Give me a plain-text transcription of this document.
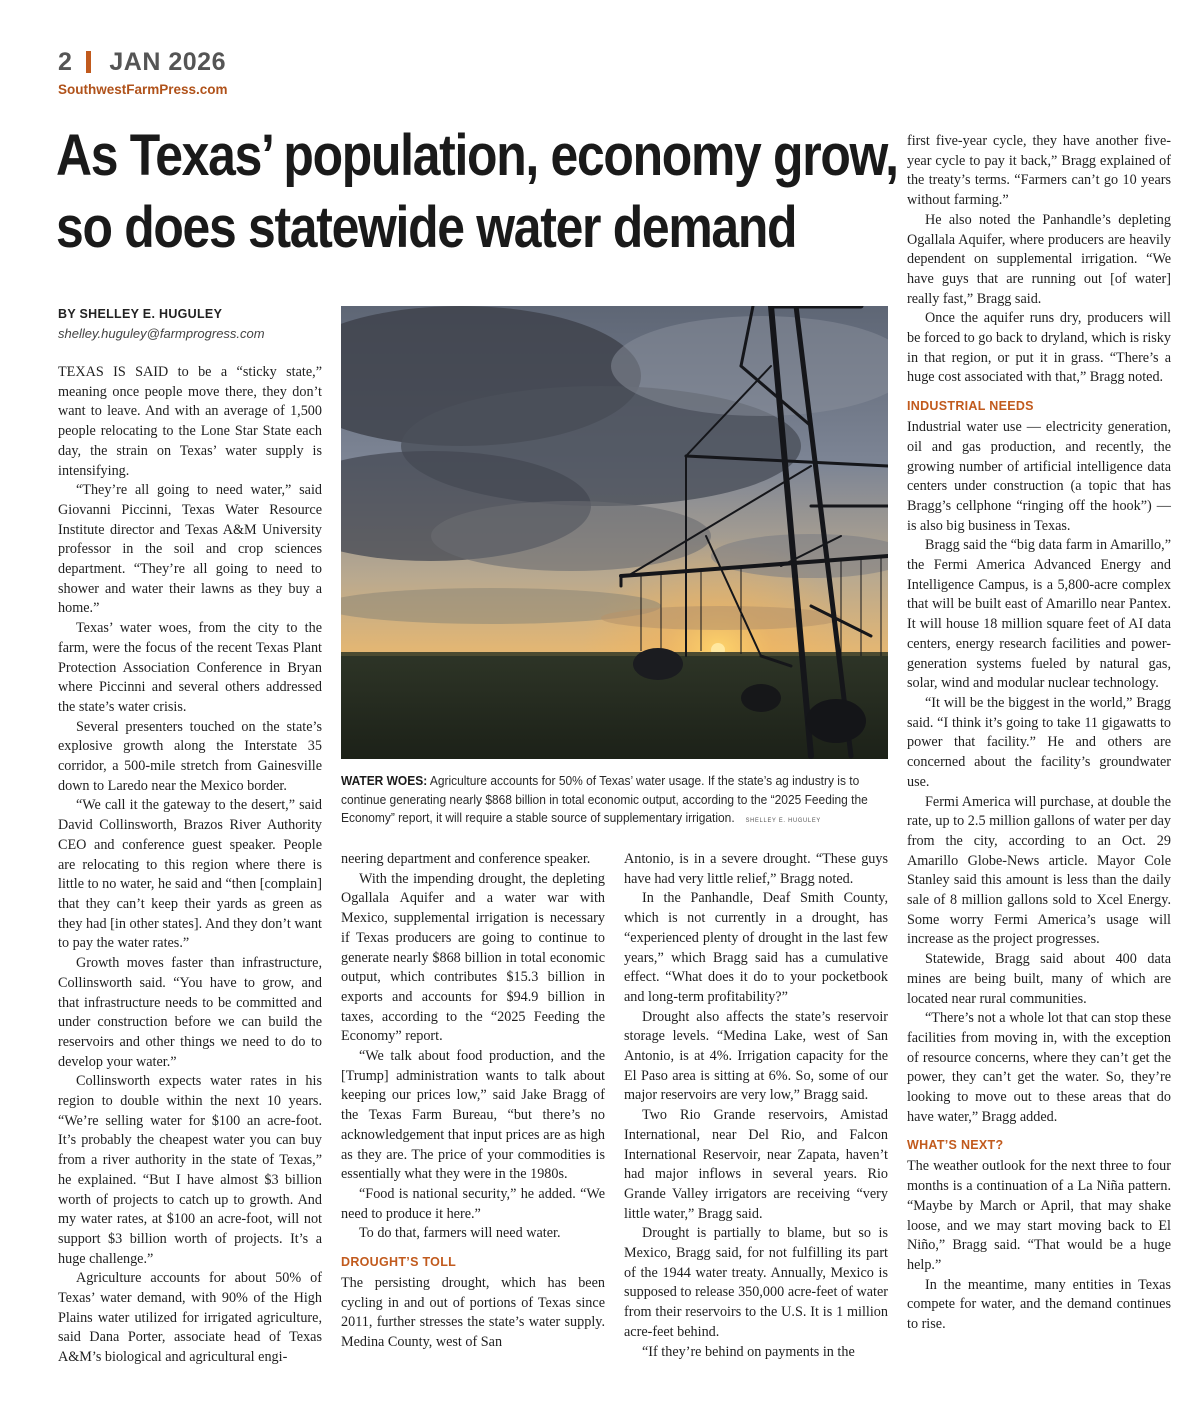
2 JAN 2026
SouthwestFarmPress.com
As Texas’ population, economy grow, so does statewide water demand
BY SHELLEY E. HUGULEY
shelley.huguley@farmprogress.com

TEXAS IS SAID to be a “sticky state,” meaning once people move there, they don’t want to leave. And with an average of 1,500 people relocating to the Lone Star State each day, the strain on Texas’ water supply is intensifying.

“They’re all going to need water,” said Giovanni Piccinni, Texas Water Resource Institute director and Texas A&M University professor in the soil and crop sciences department. “They’re all going to need to shower and water their lawns as they buy a home.”

Texas’ water woes, from the city to the farm, were the focus of the recent Texas Plant Protection Association Conference in Bryan where Piccinni and several others addressed the state’s water crisis.

Several presenters touched on the state’s explosive growth along the Interstate 35 corridor, a 500-mile stretch from Gainesville down to Laredo near the Mexico border.

“We call it the gateway to the desert,” said David Collinsworth, Brazos River Authority CEO and conference guest speaker. People are relocating to this region where there is little to no water, he said and “then [complain] that they can’t keep their yards as green as they had [in other states]. And they don’t want to pay the water rates.”

Growth moves faster than infrastructure, Collinsworth said. “You have to grow, and that infrastructure needs to be committed and under construction before we can build the reservoirs and other things we need to do to develop your water.”

Collinsworth expects water rates in his region to double within the next 10 years. “We’re selling water for $100 an acre-foot. It’s probably the cheapest water you can buy from a river authority in the state of Texas,” he explained. “But I have almost $3 billion worth of projects to catch up to growth. And my water rates, at $100 an acre-foot, will not support $3 billion worth of projects. It’s a huge challenge.”

Agriculture accounts for about 50% of Texas’ water demand, with 90% of the High Plains water utilized for irrigated agriculture, said Dana Porter, associate head of Texas A&M’s biological and agricultural engi-

WATER WOES: Agriculture accounts for 50% of Texas’ water usage. If the state’s ag industry is to continue generating nearly $868 billion in total economic output, according to the “2025 Feeding the Economy” report, it will require a stable source of supplementary irrigation. SHELLEY E. HUGULEY

neering department and conference speaker.

With the impending drought, the depleting Ogallala Aquifer and a water war with Mexico, supplemental irrigation is necessary if Texas producers are going to continue to generate nearly $868 billion in total economic output, which contributes $15.3 billion in exports and accounts for $94.9 billion in taxes, according to the “2025 Feeding the Economy” report.

“We talk about food production, and the [Trump] administration wants to talk about keeping our prices low,” said Jake Bragg of the Texas Farm Bureau, “but there’s no acknowledgement that input prices are as high as they are. The price of your commodities is essentially what they were in the 1980s.

“Food is national security,” he added. “We need to produce it here.”

To do that, farmers will need water.

DROUGHT’S TOLL

The persisting drought, which has been cycling in and out of portions of Texas since 2011, further stresses the state’s water supply. Medina County, west of San

Antonio, is in a severe drought. “These guys have had very little relief,” Bragg noted.

In the Panhandle, Deaf Smith County, which is not currently in a drought, has “experienced plenty of drought in the last few years,” which Bragg said has a cumulative effect. “What does it do to your pocketbook and long-term profitability?”

Drought also affects the state’s reservoir storage levels. “Medina Lake, west of San Antonio, is at 4%. Irrigation capacity for the El Paso area is sitting at 6%. So, some of our major reservoirs are very low,” Bragg said.

Two Rio Grande reservoirs, Amistad International, near Del Rio, and Falcon International Reservoir, near Zapata, haven’t had major inflows in several years. Rio Grande Valley irrigators are receiving “very little water,” Bragg said.

Drought is partially to blame, but so is Mexico, Bragg said, for not fulfilling its part of the 1944 water treaty. Annually, Mexico is supposed to release 350,000 acre-feet of water from their reservoirs to the U.S. It is 1 million acre-feet behind.

“If they’re behind on payments in the

first five-year cycle, they have another five-year cycle to pay it back,” Bragg explained of the treaty’s terms. “Farmers can’t go 10 years without farming.”

He also noted the Panhandle’s depleting Ogallala Aquifer, where producers are heavily dependent on supplemental irrigation. “We have guys that are running out [of water] really fast,” Bragg said.

Once the aquifer runs dry, producers will be forced to go back to dryland, which is risky in that region, or put it in grass. “There’s a huge cost associated with that,” Bragg noted.

INDUSTRIAL NEEDS

Industrial water use — electricity generation, oil and gas production, and recently, the growing number of artificial intelligence data centers under construction (a topic that has Bragg’s cellphone “ringing off the hook”) — is also big business in Texas.

Bragg said the “big data farm in Amarillo,” the Fermi America Advanced Energy and Intelligence Campus, is a 5,800-acre complex that will be built east of Amarillo near Pantex. It will house 18 million square feet of AI data centers, energy research facilities and power-generation systems fueled by natural gas, solar, wind and modular nuclear technology.

“It will be the biggest in the world,” Bragg said. “I think it’s going to take 11 gigawatts to power that facility.” He and others are concerned about the facility’s groundwater use.

Fermi America will purchase, at double the rate, up to 2.5 million gallons of water per day from the city, according to an Oct. 29 Amarillo Globe-News article. Mayor Cole Stanley said this amount is less than the daily sale of 8 million gallons sold to Xcel Energy. Some worry Fermi America’s usage will increase as the project progresses.

Statewide, Bragg said about 400 data mines are being built, many of which are located near rural communities.

“There’s not a whole lot that can stop these facilities from moving in, with the exception of resource concerns, where they can’t get the power, they can’t get the water. So, they’re looking to move out to these areas that do have water,” Bragg added.

WHAT’S NEXT?

The weather outlook for the next three to four months is a continuation of a La Niña pattern. “Maybe by March or April, that may shake loose, and we may start moving back to El Niño,” Bragg said. “That would be a huge help.”

In the meantime, many entities in Texas compete for water, and the demand continues to rise.
